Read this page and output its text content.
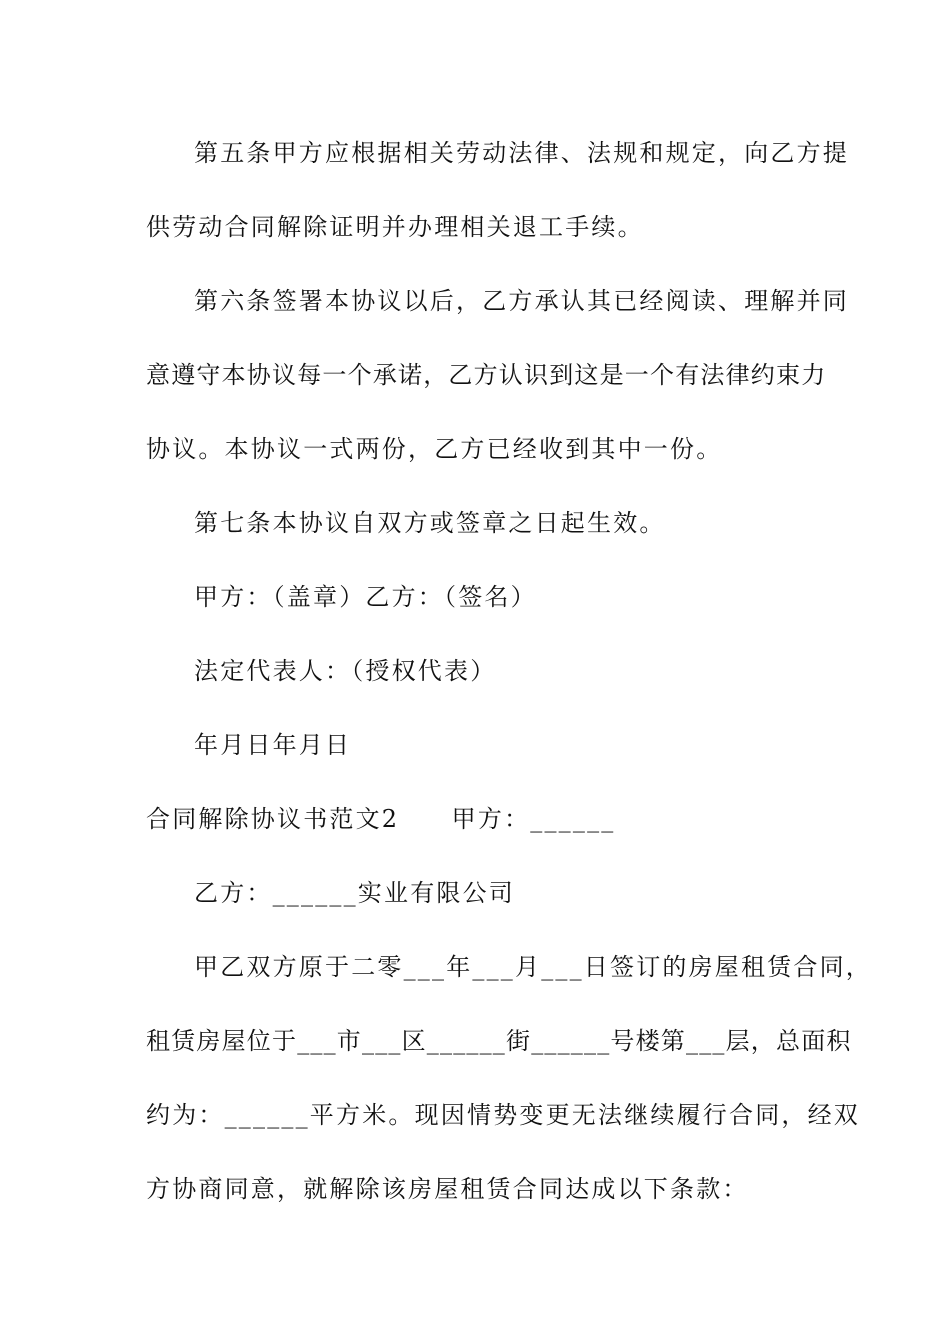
第五条甲方应根据相关劳动法律、法规和规定，向乙方提
供劳动合同解除证明并办理相关退工手续。
第六条签署本协议以后，乙方承认其已经阅读、理解并同
意遵守本协议每一个承诺，乙方认识到这是一个有法律约束力
协议。本协议一式两份，乙方已经收到其中一份。
第七条本协议自双方或签章之日起生效。
甲方：（盖章）乙方：（签名）
法定代表人：（授权代表）
年月日年月日
合同解除协议书范文2　　甲方：______
乙方：______实业有限公司
甲乙双方原于二零___年___月___日签订的房屋租赁合同，
租赁房屋位于___市___区______街______号楼第___层，总面积
约为：______平方米。现因情势变更无法继续履行合同，经双
方协商同意，就解除该房屋租赁合同达成以下条款：
